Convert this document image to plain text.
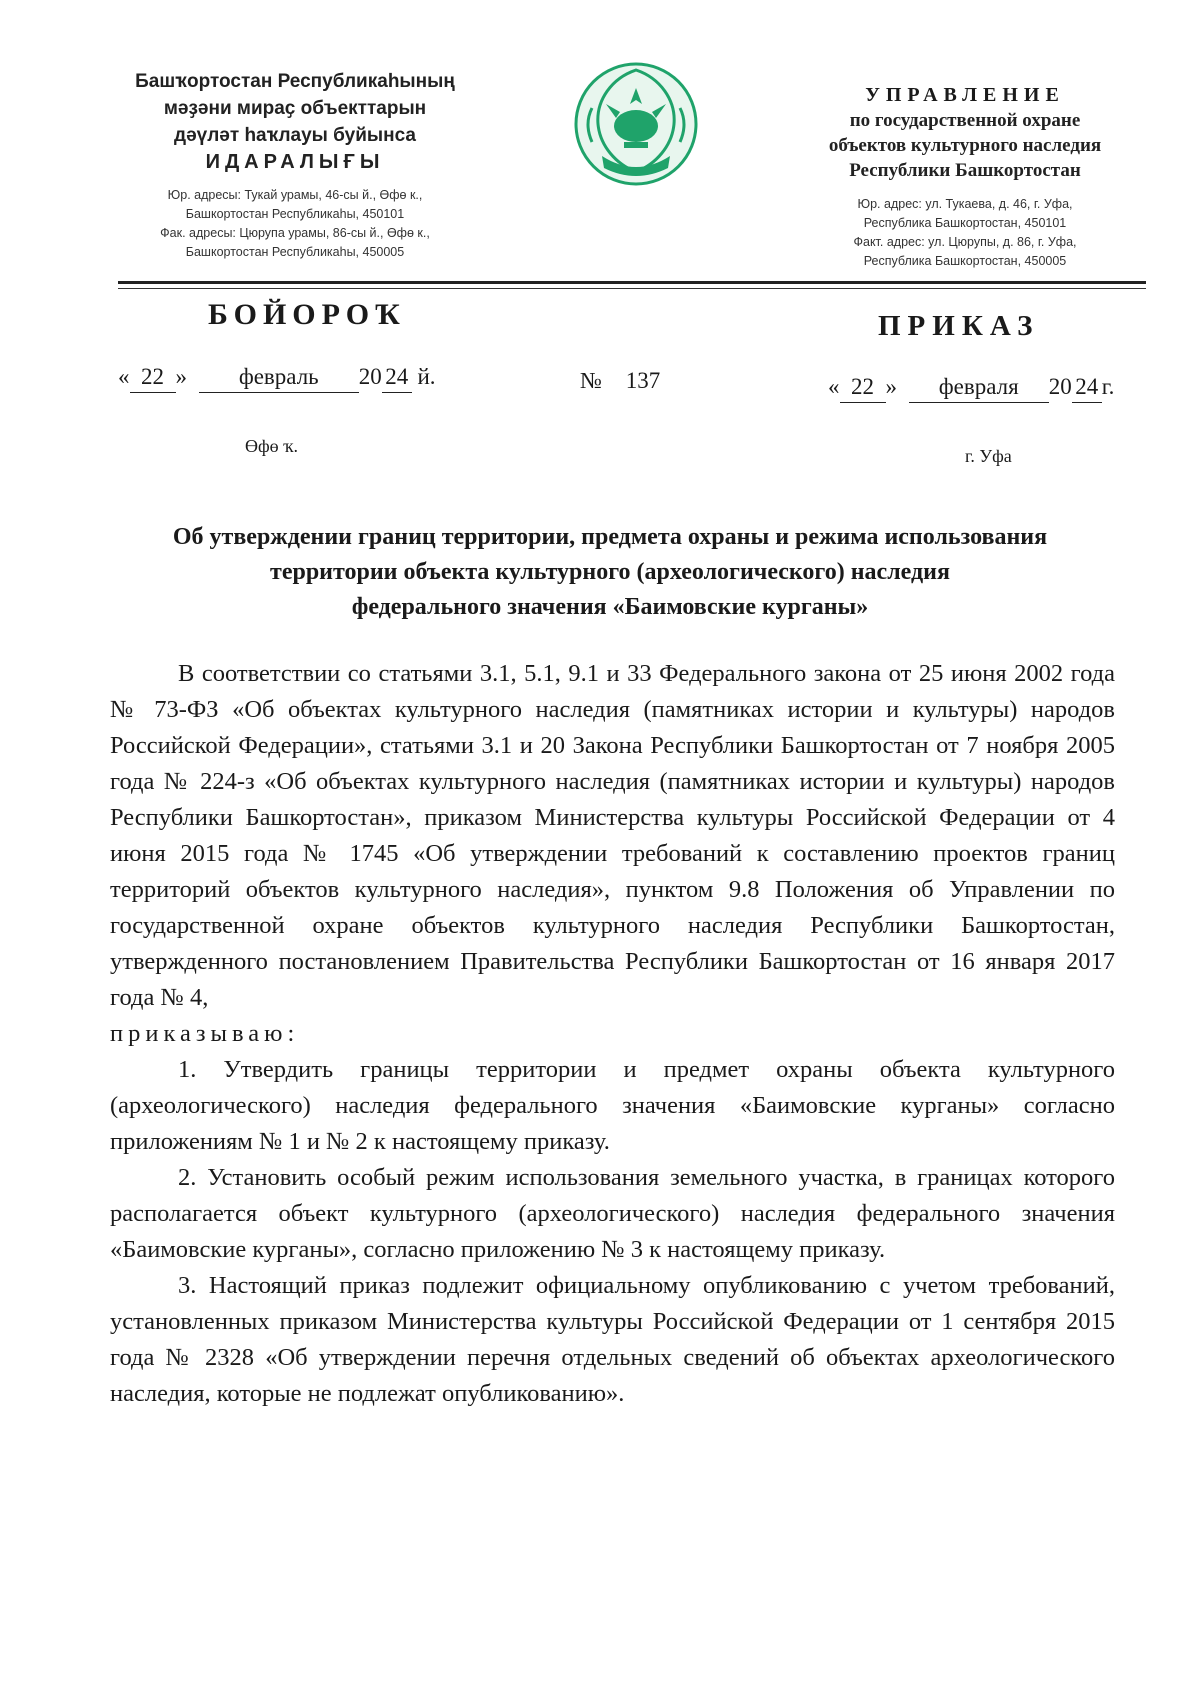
Башҡортостан Республикаһының
мәҙәни мираҫ объекттарын
дәүләт һаҡлауы буйынса
ИДАРАЛЫҒЫ
Юр. адресы: Тукай урамы, 46-сы й., Өфө к.,
Башкортостан Республикаһы, 450101
Фак. адресы: Цюрупа урамы, 86-сы й., Өфө к.,
Башкортостан Республикаһы, 450005
УПРАВЛЕНИЕ
по государственной охране
объектов культурного наследия
Республики Башкортостан
Юр. адрес: ул. Тукаева, д. 46, г. Уфа,
Республика Башкортостан, 450101
Факт. адрес: ул. Цюрупы, д. 86, г. Уфа,
Республика Башкортостан, 450005
БОЙОРОҠ	ПРИКАЗ
« 22 » февраль 20 24 й.	№ 137	« 22 » февраля 20 24 г.
Өфө ҡ.	г. Уфа
Об утверждении границ территории, предмета охраны и режима использования
территории объекта культурного (археологического) наследия
федерального значения «Баимовские курганы»

В соответствии со статьями 3.1, 5.1, 9.1 и 33 Федерального закона от 25 июня 2002 года № 73-ФЗ «Об объектах культурного наследия (памятниках истории и культуры) народов Российской Федерации», статьями 3.1 и 20 Закона Республики Башкортостан от 7 ноября 2005 года № 224-з «Об объектах культурного наследия (памятниках истории и культуры) народов Республики Башкортостан», приказом Министерства культуры Российской Федерации от 4 июня 2015 года № 1745 «Об утверждении требований к составлению проектов границ территорий объектов культурного наследия», пунктом 9.8 Положения об Управлении по государственной охране объектов культурного наследия Республики Башкортостан, утвержденного постановлением Правительства Республики Башкортостан от 16 января 2017 года № 4,

приказываю:

1. Утвердить границы территории и предмет охраны объекта культурного (археологического) наследия федерального значения «Баимовские курганы» согласно приложениям № 1 и № 2 к настоящему приказу.

2. Установить особый режим использования земельного участка, в границах которого располагается объект культурного (археологического) наследия федерального значения «Баимовские курганы», согласно приложению № 3 к настоящему приказу.

3. Настоящий приказ подлежит официальному опубликованию с учетом требований, установленных приказом Министерства культуры Российской Федерации от 1 сентября 2015 года № 2328 «Об утверждении перечня отдельных сведений об объектах археологического наследия, которые не подлежат опубликованию».
